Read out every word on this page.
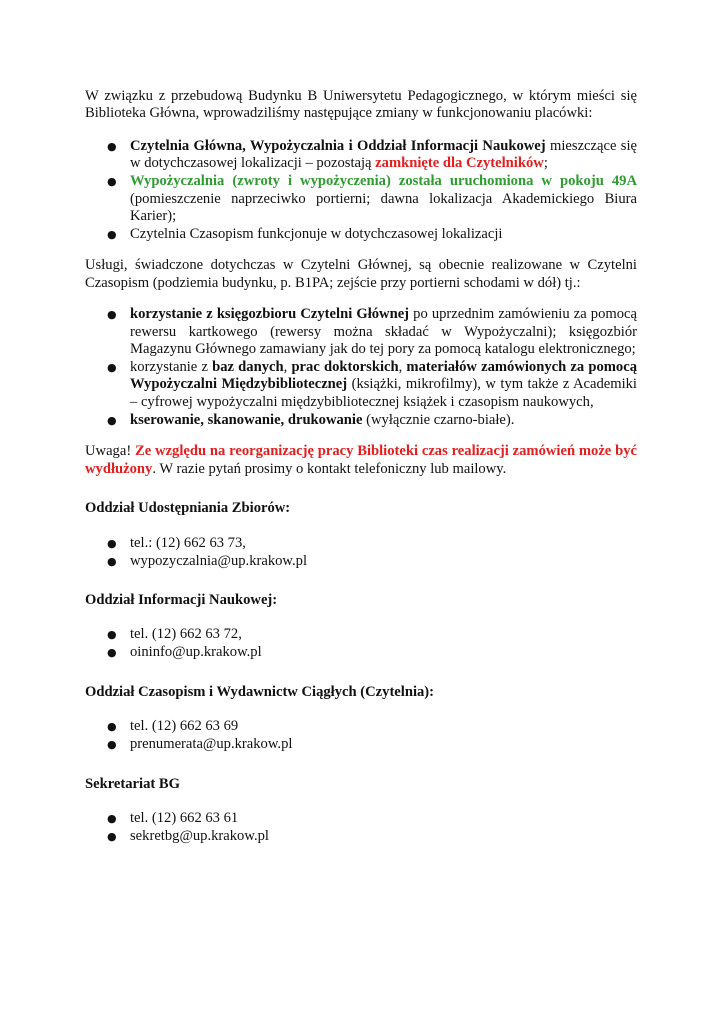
W związku z przebudową Budynku B Uniwersytetu Pedagogicznego, w którym mieści się Biblioteka Główna, wprowadziliśmy następujące zmiany w funkcjonowaniu placówki:

● Czytelnia Główna, Wypożyczalnia i Oddział Informacji Naukowej mieszczące się w dotychczasowej lokalizacji – pozostają zamknięte dla Czytelników;
● Wypożyczalnia (zwroty i wypożyczenia) została uruchomiona w pokoju 49A (pomieszczenie naprzeciwko portierni; dawna lokalizacja Akademickiego Biura Karier);
● Czytelnia Czasopism funkcjonuje w dotychczasowej lokalizacji

Usługi, świadczone dotychczas w Czytelni Głównej, są obecnie realizowane w Czytelni Czasopism (podziemia budynku, p. B1PA; zejście przy portierni schodami w dół) tj.:

● korzystanie z księgozbioru Czytelni Głównej po uprzednim zamówieniu za pomocą rewersu kartkowego (rewersy można składać w Wypożyczalni); księgozbiór Magazynu Głównego zamawiany jak do tej pory za pomocą katalogu elektronicznego;
● korzystanie z baz danych, prac doktorskich, materiałów zamówionych za pomocą Wypożyczalni Międzybibliotecznej (książki, mikrofilmy), w tym także z Academiki – cyfrowej wypożyczalni międzybibliotecznej książek i czasopism naukowych,
● kserowanie, skanowanie, drukowanie (wyłącznie czarno-białe).

Uwaga! Ze względu na reorganizację pracy Biblioteki czas realizacji zamówień może być wydłużony. W razie pytań prosimy o kontakt telefoniczny lub mailowy.

Oddział Udostępniania Zbiorów:

● tel.: (12) 662 63 73,
● wypozyczalnia@up.krakow.pl

Oddział Informacji Naukowej:

● tel. (12) 662 63 72,
● oininfo@up.krakow.pl

Oddział Czasopism i Wydawnictw Ciągłych (Czytelnia):

● tel. (12) 662 63 69
● prenumerata@up.krakow.pl

Sekretariat BG

● tel. (12) 662 63 61
● sekretbg@up.krakow.pl
